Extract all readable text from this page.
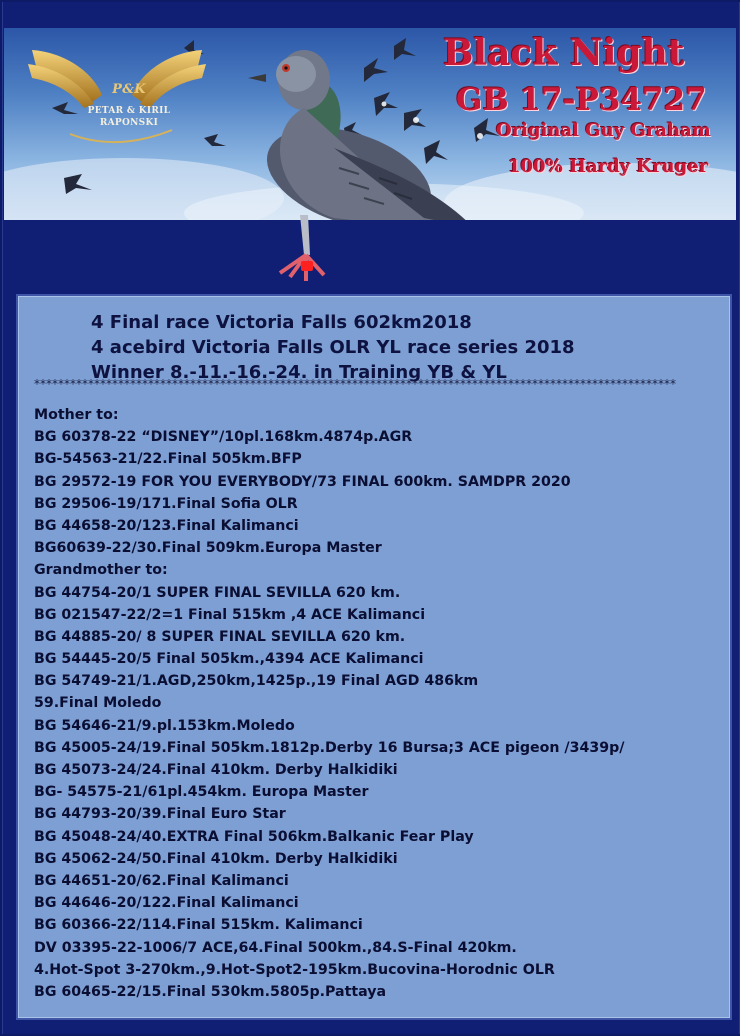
P&K
PETAR & KIRIL
RAPONSKI
Black Night
GB 17-P34727
Original Guy Graham
100% Hardy Kruger
4 Final race Victoria Falls 602km2018
4 acebird Victoria Falls OLR YL race series 2018
Winner 8.-11.-16.-24. in Training YB & YL
***********************************************************************************************************
Mother to:
BG 60378-22 “DISNEY”/10pl.168km.4874p.AGR
BG-54563-21/22.Final 505km.BFP
BG 29572-19 FOR YOU EVERYBODY/73 FINAL 600km. SAMDPR 2020
BG 29506-19/171.Final Sofia OLR
BG 44658-20/123.Final Kalimanci
BG60639-22/30.Final 509km.Europa Master
Grandmother to:
BG 44754-20/1 SUPER FINAL SEVILLA 620 km.
BG 021547-22/2=1 Final 515km ,4 ACE Kalimanci
BG 44885-20/ 8 SUPER FINAL SEVILLA 620 km.
BG 54445-20/5 Final 505km.,4394 ACE Kalimanci
BG 54749-21/1.AGD,250km,1425p.,19 Final AGD 486km
59.Final Moledo
BG 54646-21/9.pl.153km.Moledo
BG 45005-24/19.Final 505km.1812p.Derby 16 Bursa;3 ACE pigeon /3439p/
BG 45073-24/24.Final 410km. Derby Halkidiki
BG- 54575-21/61pl.454km. Europa Master
BG 44793-20/39.Final Euro Star
BG 45048-24/40.EXTRA Final 506km.Balkanic Fear Play
BG 45062-24/50.Final 410km. Derby Halkidiki
BG 44651-20/62.Final Kalimanci
BG 44646-20/122.Final Kalimanci
BG 60366-22/114.Final 515km. Kalimanci
DV 03395-22-1006/7 ACE,64.Final 500km.,84.S-Final 420km.
4.Hot-Spot 3-270km.,9.Hot-Spot2-195km.Bucovina-Horodnic OLR
BG 60465-22/15.Final 530km.5805p.Pattaya
